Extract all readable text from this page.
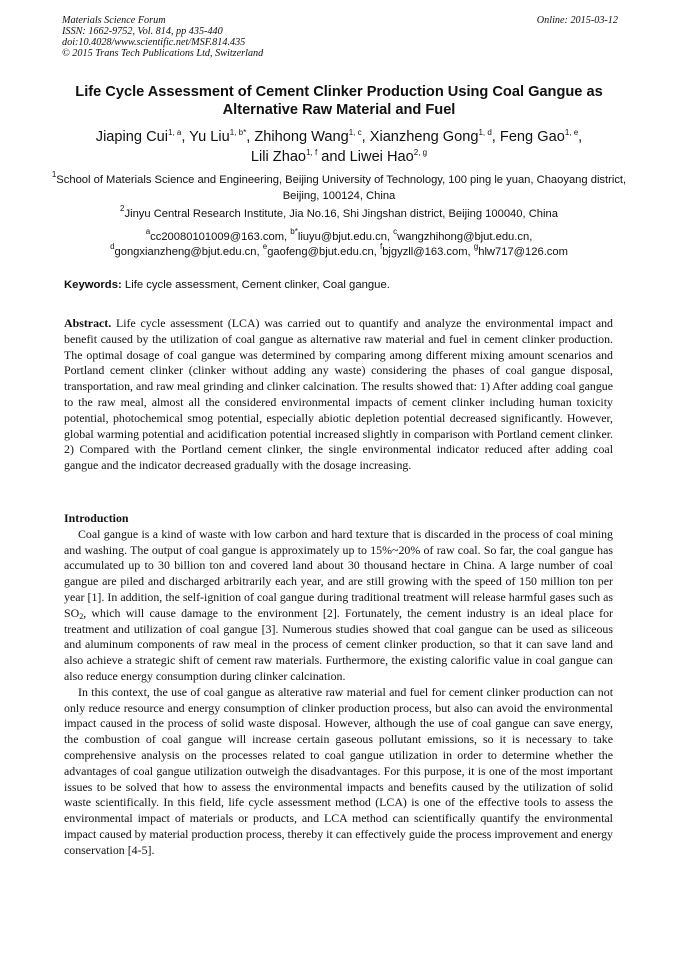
Materials Science Forum	Online: 2015-03-12
ISSN: 1662-9752, Vol. 814, pp 435-440
doi:10.4028/www.scientific.net/MSF.814.435
© 2015 Trans Tech Publications Ltd, Switzerland
Life Cycle Assessment of Cement Clinker Production Using Coal Gangue as Alternative Raw Material and Fuel
Jiaping Cui$^{1, a}$, Yu Liu$^{1, b*}$, Zhihong Wang$^{1, c}$, Xianzheng Gong$^{1, d}$, Feng Gao$^{1, e}$,
Lili Zhao$^{1, f}$ and Liwei Hao$^{2, g}$
$^1$School of Materials Science and Engineering, Beijing University of Technology, 100 ping le yuan, Chaoyang district, Beijing, 100124, China
$^2$Jinyu Central Research Institute, Jia No.16, Shi Jingshan district, Beijing 100040, China
$^a$cc20080101009@163.com, $^{b*}$liuyu@bjut.edu.cn, $^c$wangzhihong@bjut.edu.cn,
$^d$gongxianzheng@bjut.edu.cn, $^e$gaofeng@bjut.edu.cn, $^f$bjgyzll@163.com, $^g$hlw717@126.com
Keywords: Life cycle assessment, Cement clinker, Coal gangue.

Abstract. Life cycle assessment (LCA) was carried out to quantify and analyze the environmental impact and benefit caused by the utilization of coal gangue as alternative raw material and fuel in cement clinker production. The optimal dosage of coal gangue was determined by comparing among different mixing amount scenarios and Portland cement clinker (clinker without adding any waste) considering the phases of coal gangue disposal, transportation, and raw meal grinding and clinker calcination. The results showed that: 1) After adding coal gangue to the raw meal, almost all the considered environmental impacts of cement clinker including human toxicity potential, photochemical smog potential, especially abiotic depletion potential decreased significantly. However, global warming potential and acidification potential increased slightly in comparison with Portland cement clinker. 2) Compared with the Portland cement clinker, the single environmental indicator reduced after adding coal gangue and the indicator decreased gradually with the dosage increasing.

Introduction

Coal gangue is a kind of waste with low carbon and hard texture that is discarded in the process of coal mining and washing. The output of coal gangue is approximately up to 15%~20% of raw coal. So far, the coal gangue has accumulated up to 30 billion ton and covered land about 30 thousand hectare in China. A large number of coal gangue are piled and discharged arbitrarily each year, and are still growing with the speed of 150 million ton per year [1]. In addition, the self-ignition of coal gangue during traditional treatment will release harmful gases such as $SO_2$, which will cause damage to the environment [2]. Fortunately, the cement industry is an ideal place for treatment and utilization of coal gangue [3]. Numerous studies showed that coal gangue can be used as siliceous and aluminum components of raw meal in the process of cement clinker production, so that it can save land and also achieve a strategic shift of cement raw materials. Furthermore, the existing calorific value in coal gangue can also reduce energy consumption during clinker calcination.

In this context, the use of coal gangue as alterative raw material and fuel for cement clinker production can not only reduce resource and energy consumption of clinker production process, but also can avoid the environmental impact caused in the process of solid waste disposal. However, although the use of coal gangue can save energy, the combustion of coal gangue will increase certain gaseous pollutant emissions, so it is necessary to take comprehensive analysis on the processes related to coal gangue utilization in order to determine whether the advantages of coal gangue utilization outweigh the disadvantages. For this purpose, it is one of the most important issues to be solved that how to assess the environmental impacts and benefits caused by the utilization of solid waste scientifically. In this field, life cycle assessment method (LCA) is one of the effective tools to assess the environmental impact of materials or products, and LCA method can scientifically quantify the environmental impact caused by material production process, thereby it can effectively guide the process improvement and energy conservation [4-5].
